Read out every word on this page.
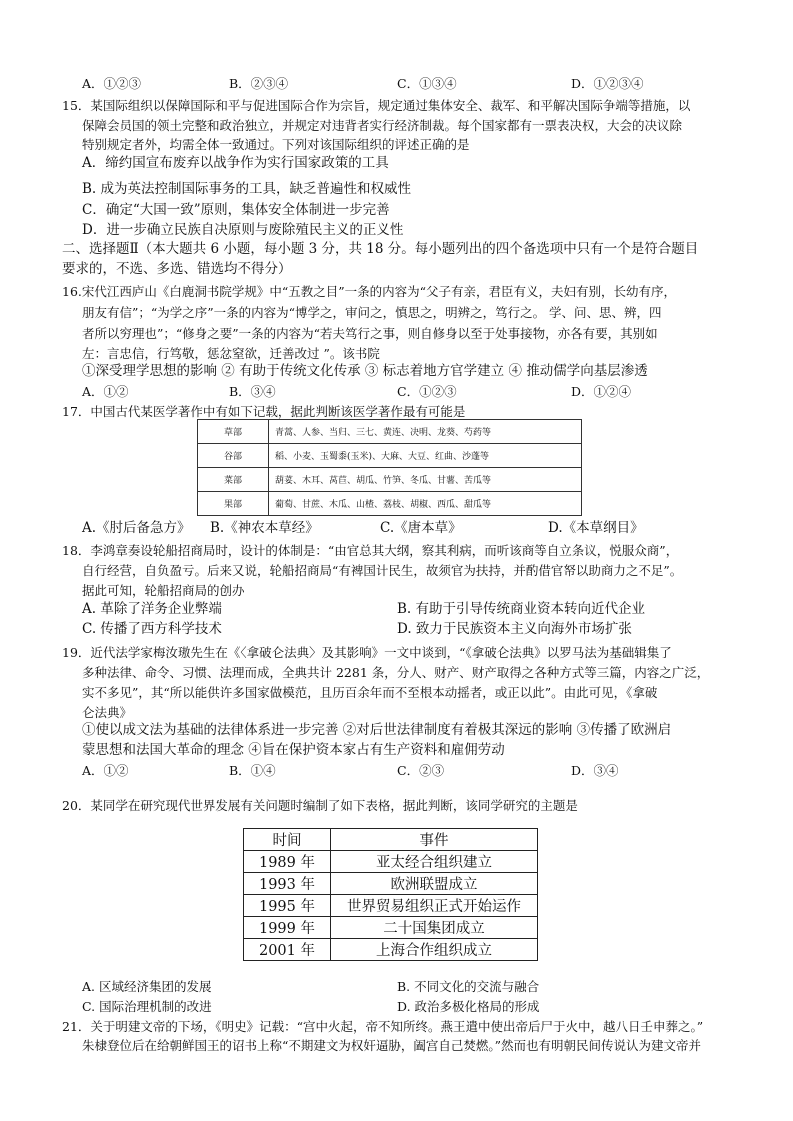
A．①②③	B．②③④	C．①③④	D．①②③④
15．某国际组织以保障国际和平与促进国际合作为宗旨，规定通过集体安全、裁军、和平解决国际争端等措施，以
保障会员国的领土完整和政治独立，并规定对违背者实行经济制裁。每个国家都有一票表决权，大会的决议除
特别规定者外，均需全体一致通过。下列对该国际组织的评述正确的是
A．缔约国宣布废弃以战争作为实行国家政策的工具
B. 成为英法控制国际事务的工具，缺乏普遍性和权威性
C．确定“大国一致”原则，集体安全体制进一步完善
D．进一步确立民族自决原则与废除殖民主义的正义性
二、选择题Ⅱ（本大题共 6 小题，每小题 3 分，共 18 分。每小题列出的四个备选项中只有一个是符合题目
要求的，不选、多选、错选均不得分）
16.宋代江西庐山《白鹿洞书院学规》中“五教之目”一条的内容为“父子有亲，君臣有义，夫妇有别，长幼有序，
朋友有信”；“为学之序”一条的内容为“博学之，审问之，慎思之，明辨之，笃行之。 学、问、思、辨，四
者所以穷理也”；“修身之要”一条的内容为“若夫笃行之事，则自修身以至于处事接物，亦各有要，其别如
左：言忠信，行笃敬，惩忿窒欲，迁善改过 ”。该书院
①深受理学思想的影响 ② 有助于传统文化传承 ③ 标志着地方官学建立 ④ 推动儒学向基层渗透
A．①②	B．③④	C．①②③	D．①②④
17．中国古代某医学著作中有如下记载，据此判断该医学著作最有可能是
草部	青蒿、人参、当归、三七、黄连、决明、龙葵、芍药等
谷部	稻、小麦、玉蜀黍(玉米)、大麻、大豆、红曲、沙蓬等
菜部	葫荽、木耳、莴苣、胡瓜、竹笋、冬瓜、甘薯、苦瓜等
果部	葡萄、甘蔗、木瓜、山楂、荔枝、胡椒、西瓜、甜瓜等
A.《肘后备急方》 B.《神农本草经》	C.《唐本草》	D.《本草纲目》
18．李鸿章奏设轮船招商局时，设计的体制是：“由官总其大纲，察其利病，而听该商等自立条议，悦服众商”，
自行经营，自负盈亏。后来又说，轮船招商局“有裨国计民生，故须官为扶持，并酌借官帑以助商力之不足”。
据此可知，轮船招商局的创办
A. 革除了洋务企业弊端	B. 有助于引导传统商业资本转向近代企业
C. 传播了西方科学技术	D. 致力于民族资本主义向海外市场扩张
19．近代法学家梅汝璈先生在《〈拿破仑法典〉及其影响》一文中谈到，“《拿破仑法典》以罗马法为基础辑集了
多种法律、命令、习惯、法理而成，全典共计 2281 条，分人、财产、财产取得之各种方式等三篇，内容之广泛，
实不多见”，其“所以能供许多国家做模范，且历百余年而不至根本动摇者，或正以此”。由此可见，《拿破
仑法典》
①使以成文法为基础的法律体系进一步完善 ②对后世法律制度有着极其深远的影响 ③传播了欧洲启
蒙思想和法国大革命的理念 ④旨在保护资本家占有生产资料和雇佣劳动
A．①②	B．①④	C．②③	D．③④
20．某同学在研究现代世界发展有关问题时编制了如下表格，据此判断，该同学研究的主题是
时间	事件
1989 年	亚太经合组织建立
1993 年	欧洲联盟成立
1995 年	世界贸易组织正式开始运作
1999 年	二十国集团成立
2001 年	上海合作组织成立
A. 区域经济集团的发展	B. 不同文化的交流与融合
C. 国际治理机制的改进	D. 政治多极化格局的形成
21．关于明建文帝的下场，《明史》记载：“宫中火起，帝不知所终。燕王遣中使出帝后尸于火中，越八日壬申葬之。”
朱棣登位后在给朝鲜国王的诏书上称“不期建文为权奸逼胁，阖宫自己焚燃。”然而也有明朝民间传说认为建文帝并
